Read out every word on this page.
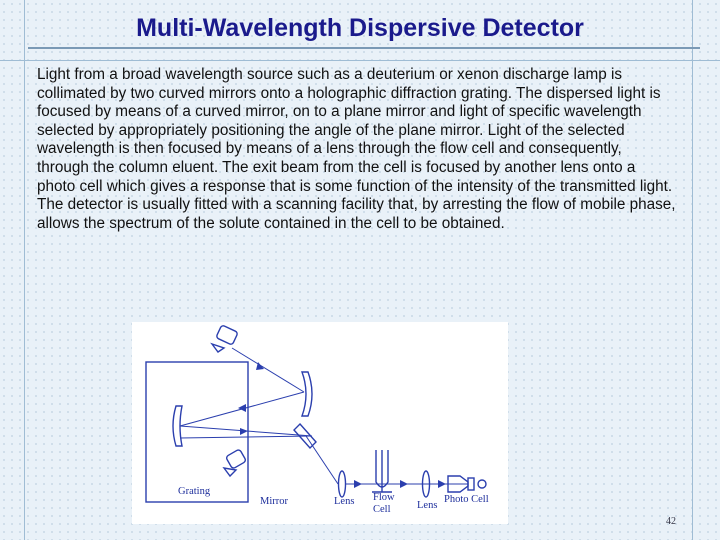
Multi-Wavelength Dispersive Detector

Light from a broad wavelength source such as a deuterium or xenon discharge lamp is collimated by two curved mirrors onto a holographic diffraction grating. The dispersed light is focused by means of a curved mirror, on to a plane mirror and light of specific wavelength selected by appropriately positioning the angle of the plane mirror. Light of the selected wavelength is then focused by means of a lens through the flow cell and consequently, through the column eluent. The exit beam from the cell is focused by another lens onto a photo cell which gives a response that is some function of the intensity of the transmitted light. The detector is usually fitted with a scanning facility that, by arresting the flow of mobile phase, allows the spectrum of the solute contained in the cell to be obtained.

Grating
Mirror	Lens Flow
Cell	Lens
Photo Cell
42
